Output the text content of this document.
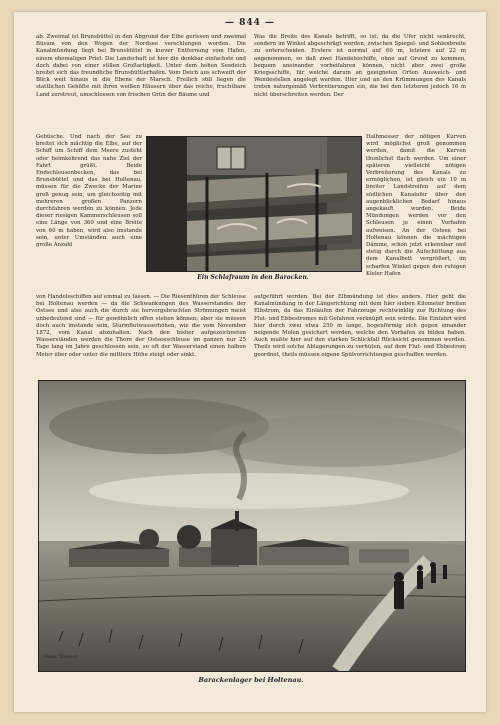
— 844 —
ab. Zweimal ist Brunsbüttel in den Abgrund der Elbe gerissen und zweimal Büsum von den Wogen der Nordsee verschlungen worden. Die Kanalmündung liegt bei Brunsbüttel in kurzer Entfernung vom Hafen, einem ehemaligen Priel. Die Landschaft ist hier die denkbar einfachste und doch dabei von einer stillen Großartigkeit. Unter dem hohen Seedeich breitet sich das freundliche Brunsbüttlerhafen. Vom Deich aus schweift der Blick weit hinaus in die Ebene der Marsch. Freilich still liegen die stattlichen Gehöfte mit ihren weißen Häusern über das reiche, fruchtbare Land zerstreut, umschlossen von frischen Grün der Bäume und
Was die Breite des Kanals betrifft, so ist, da die Ufer nicht senkrecht, sondern im Winkel abgeschrägt werden, zwischen Spiegel- und Sohlenbreite zu unterscheiden. Erstere ist normal auf 60 m, letztere auf 22 m angenommen, so daß zwei Handelsschiffe, ohne auf Grund zu kommen, bequem aneinander vorbeifahren können, nicht aber zwei große Kriegsschiffe, für welche darum an geeigneten Orten Ausweich- und Wendestellen angelegt werden. Hier und an den Krümmungen des Kanals treten naturgemäß Verbreiterungen ein, die bei den letzteren jedoch 16 m nicht überschreiten werden. Der
Gebüsche. Und nach der See zu breitet sich mächtig die Elbe, auf der Schiff um Schiff dem Meere zusteht oder heimkehrend das nahe Ziel der Fahrt grüßt. Beide Endschleusenbecken, das bei Brunsbüttel und das bei Holtenau, müssen für die Zwecke der Marine groß genug sein, um gleichzeitig mit mehreren großen Panzern durchfahren werden zu können. Jede dieser riesigen Kammerschleusen soll eine Länge von 360 und eine Breite von 60 m haben, wird also imstande sein, unter Umständen auch eine große Anzahl
Halbmesser der nötigen Kurven wird möglichst groß genommen werden, damit die Kurven thunlichst flach werden. Um einer späteren vielleicht nötigen Verbreiterung des Kanals zu ermöglichen, ist gleich ein 10 m breiter Landstreifen auf dem südlichen Kanalufer über den augenblicklichen Bedarf hinaus angekauft worden. Beide Mündungen werden vor den Schleusen je einen Vorhafen aufweisen. An der Ostsee bei Holtenau können die mächtigen Dämme, schon jetzt erkennbar und stetig durch die Aufschüttung aus dem Kanalbett vergrößert, im scharfen Winkel gegen den ruhigen Kieler Hafen
von Handelsschiffen auf einmal zu fassen. — Die Riesenthüren der Schleuse bei Holtenau werden — da die Schwankungen des Wasserstandes der Ostsee und also auch die durch sie hervorgebrachten Strömungen meist unbedeutend sind — für gewöhnlich offen stehen können; aber sie müssen doch auch imstande sein, Sturmflutwasserhöhen, wie die vom November 1872, vom Kanal abzuhalten. Nach den bisher aufgezeichneten Wasserständen werden die Thore der Ostseeschleuse im ganzen nur 25 Tage lang im Jahre geschlossen sein, so oft der Wasserstand einen halben Meter über oder unter die mittlere Höhe steigt oder sinkt.
aufgeführt werden. Bei der Elbmündung ist dies anders. Hier geht die Kanalmündung in der Längsrichtung mit dem hier sieben Kilometer breiten Elbstrom, da das Einlaufen der Fahrzeuge rechtwinklig zur Richtung des Flut- und Ebbestromes mit Gefahren verknüpft sein würde. Die Einfahrt wird hier durch zwei etwa 250 m lange, bogenförmig sich gegen einander neigende Molen gesichert werden, welche den Vorhafen zu bilden haben. Auch mußte hier auf den starken Schlickfall Rücksicht genommen werden. Theils wird solche Ablagerungen zu verhüten, auf dem Flut- und Ebbestrom geordnet, theils müssen eigene Spülvorrichtungen geschaffen werden.
Ein Schlafraum in den Baracken.
Hans Tomson
Barackenlager bei Holtenau.
